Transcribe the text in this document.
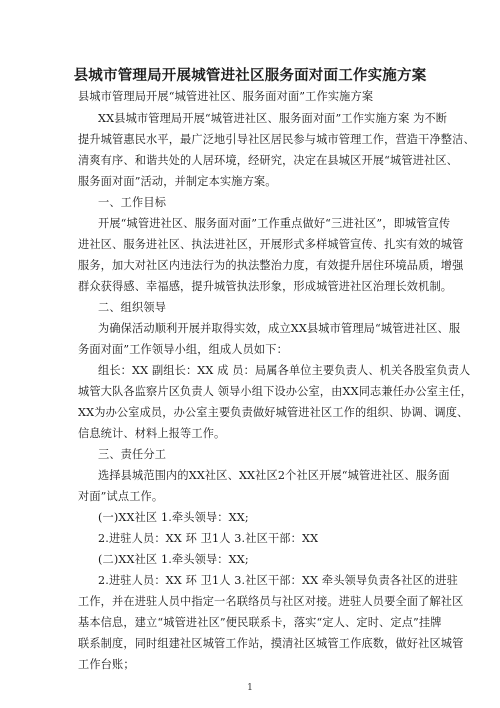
县城市管理局开展城管进社区服务面对面工作实施方案
县城市管理局开展“城管进社区、服务面对面”工作实施方案
XX县城市管理局开展“城管进社区、服务面对面”工作实施方案 为不断
提升城管惠民水平，最广泛地引导社区居民参与城市管理工作，营造干净整洁、
清爽有序、和谐共处的人居环境，经研究，决定在县城区开展“城管进社区、
服务面对面”活动，并制定本实施方案。
一、工作目标
开展“城管进社区、服务面对面”工作重点做好“三进社区”，即城管宣传
进社区、服务进社区、执法进社区，开展形式多样城管宣传、扎实有效的城管
服务，加大对社区内违法行为的执法整治力度，有效提升居住环境品质，增强
群众获得感、幸福感，提升城管执法形象，形成城管进社区治理长效机制。
二、组织领导
为确保活动顺利开展并取得实效，成立XX县城市管理局“城管进社区、服
务面对面”工作领导小组，组成人员如下：
组长：XX 副组长：XX 成 员：局属各单位主要负责人、机关各股室负责人
城管大队各监察片区负责人 领导小组下设办公室，由XX同志兼任办公室主任，
XX为办公室成员，办公室主要负责做好城管进社区工作的组织、协调、调度、
信息统计、材料上报等工作。
三、责任分工
选择县城范围内的XX社区、XX社区2个社区开展“城管进社区、服务面
对面”试点工作。
(一)XX社区 1.牵头领导：XX;
2.进驻人员：XX 环 卫1人 3.社区干部：XX
(二)XX社区 1.牵头领导：XX;
2.进驻人员：XX 环 卫1人 3.社区干部：XX 牵头领导负责各社区的进驻
工作，并在进驻人员中指定一名联络员与社区对接。进驻人员要全面了解社区
基本信息，建立“城管进社区”便民联系卡，落实“定人、定时、定点”挂牌
联系制度，同时组建社区城管工作站，摸清社区城管工作底数，做好社区城管
工作台账；
1
